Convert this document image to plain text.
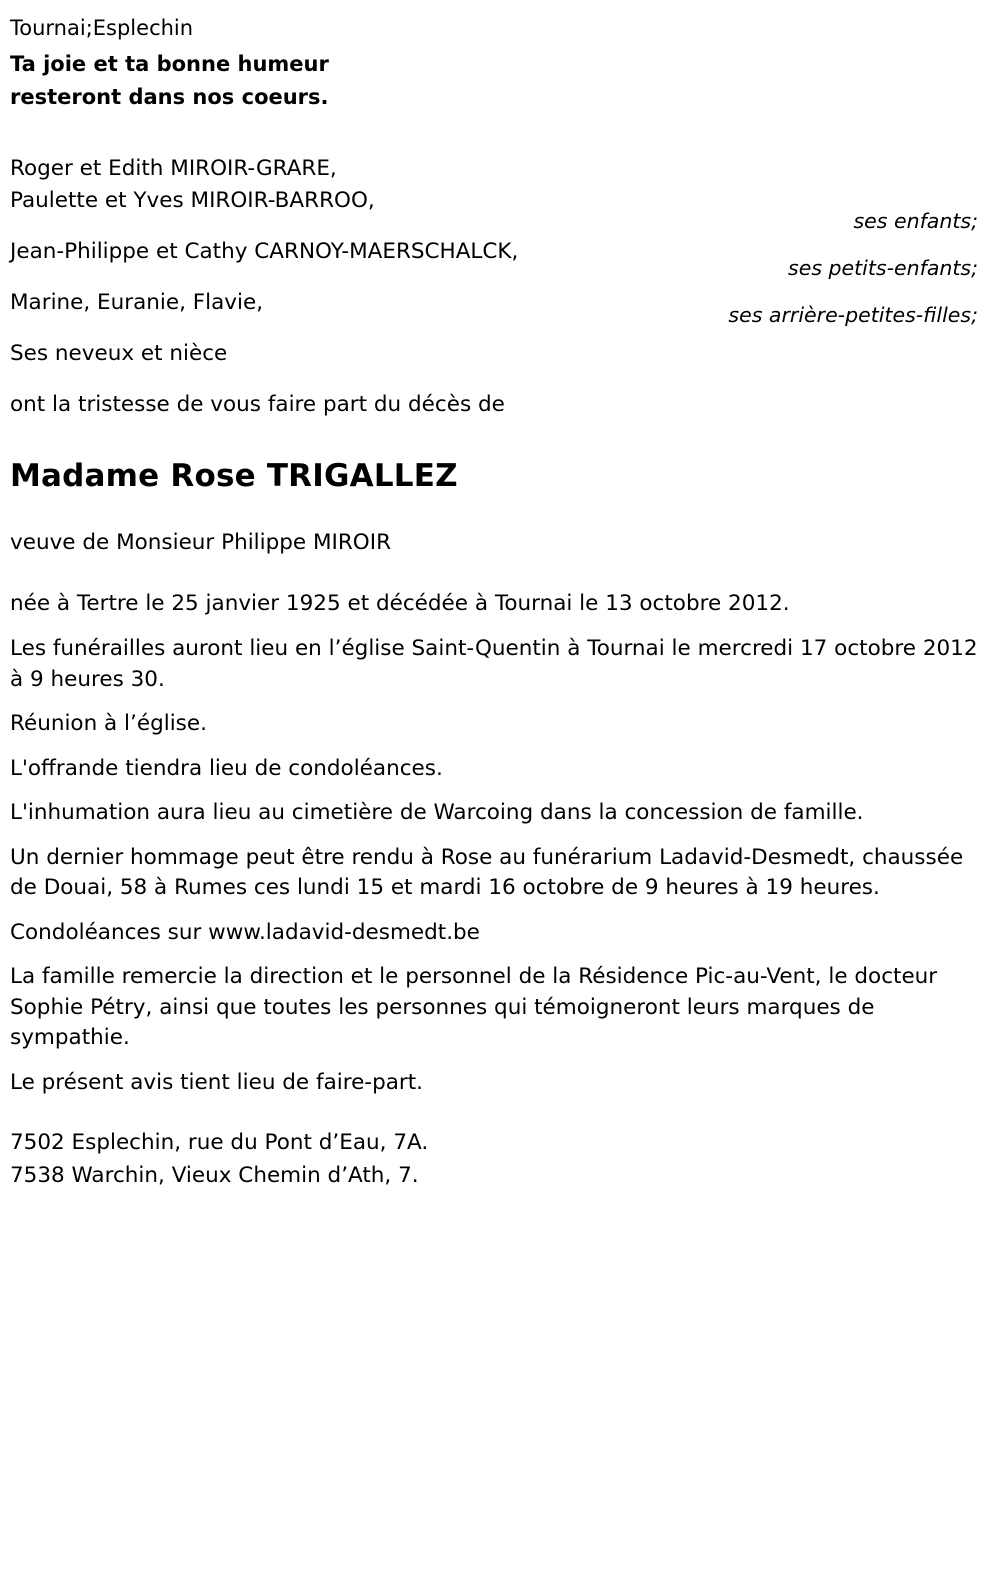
Tournai;Esplechin
Ta joie et ta bonne humeur
resteront dans nos coeurs.
Roger et Edith MIROIR-GRARE,
Paulette et Yves MIROIR-BARROO,
Jean-Philippe et Cathy CARNOY-MAERSCHALCK,
Marine, Euranie, Flavie,
Ses neveux et nièce
ses enfants;
ses petits-enfants;
ses arrière-petites-filles;
ont la tristesse de vous faire part du décès de
Madame Rose TRIGALLEZ
veuve de Monsieur Philippe MIROIR

née à Tertre le 25 janvier 1925 et décédée à Tournai le 13 octobre 2012.

Les funérailles auront lieu en l’église Saint-Quentin à Tournai le mercredi 17 octobre 2012 à 9 heures 30.

Réunion à l’église.

L'offrande tiendra lieu de condoléances.

L'inhumation aura lieu au cimetière de Warcoing dans la concession de famille.

Un dernier hommage peut être rendu à Rose au funérarium Ladavid-Desmedt, chaussée de Douai, 58 à Rumes ces lundi 15 et mardi 16 octobre de 9 heures à 19 heures.

Condoléances sur www.ladavid-desmedt.be

La famille remercie la direction et le personnel de la Résidence Pic-au-Vent, le docteur Sophie Pétry, ainsi que toutes les personnes qui témoigneront leurs marques de sympathie.

Le présent avis tient lieu de faire-part.

7502 Esplechin, rue du Pont d’Eau, 7A.
7538 Warchin, Vieux Chemin d’Ath, 7.
